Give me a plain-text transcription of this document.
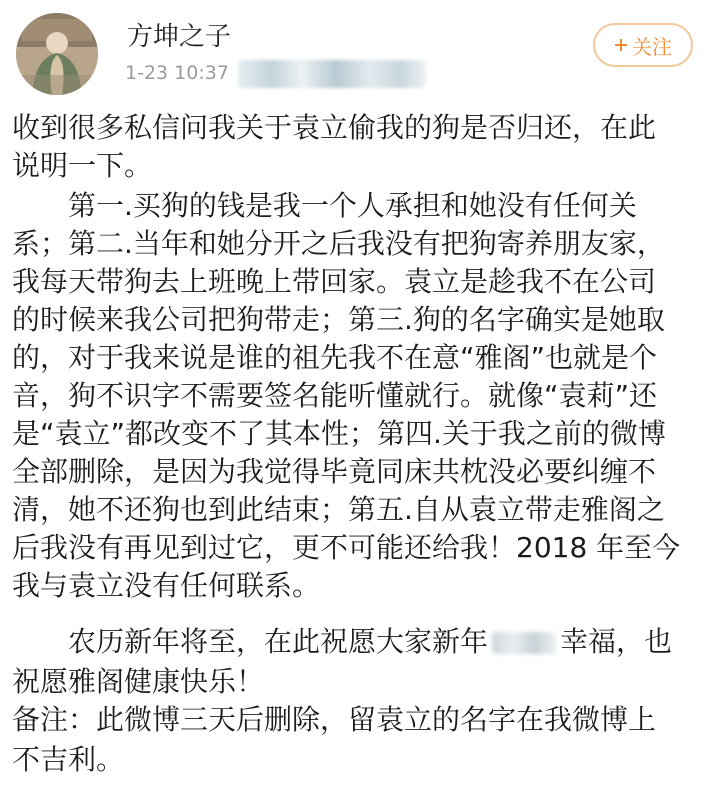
方坤之子
1-23 10:37
关注
收到很多私信问我关于袁立偷我的狗是否归还，在此
说明一下。
　　第一.买狗的钱是我一个人承担和她没有任何关
系；第二.当年和她分开之后我没有把狗寄养朋友家，
我每天带狗去上班晚上带回家。袁立是趁我不在公司
的时候来我公司把狗带走；第三.狗的名字确实是她取
的，对于我来说是谁的祖先我不在意“雅阁”也就是个
音，狗不识字不需要签名能听懂就行。就像“袁莉”还
是“袁立”都改变不了其本性；第四.关于我之前的微博
全部删除，是因为我觉得毕竟同床共枕没必要纠缠不
清，她不还狗也到此结束；第五.自从袁立带走雅阁之
后我没有再见到过它，更不可能还给我！2018 年至今
我与袁立没有任何联系。
　　农历新年将至，在此祝愿大家新年	幸福，也
祝愿雅阁健康快乐！
备注：此微博三天后删除，留袁立的名字在我微博上
不吉利。
